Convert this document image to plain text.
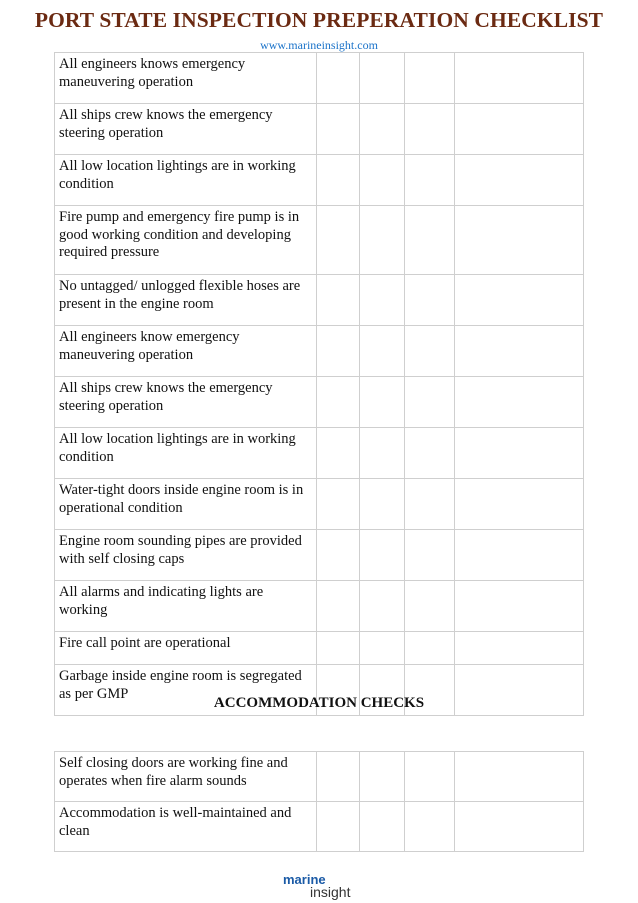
PORT STATE INSPECTION PREPERATION CHECKLIST
www.marineinsight.com
All engineers knows emergency maneuvering operation				
All ships crew knows the emergency steering operation				
All low location lightings are in working condition				
Fire pump and emergency fire pump is in good working condition and developing required pressure				
No untagged/ unlogged flexible hoses are present in the engine room				
All engineers know emergency maneuvering operation				
All ships crew knows the emergency steering operation				
All low location lightings are in working condition				
Water-tight doors inside engine room is in operational condition				
Engine room sounding pipes are provided with self closing caps				
All alarms and indicating lights are working				
Fire call point are operational				
Garbage inside engine room is segregated as per GMP				
ACCOMMODATION CHECKS
Self closing doors are working fine and operates when fire alarm sounds				
Accommodation is well-maintained and clean				
marine
insight
